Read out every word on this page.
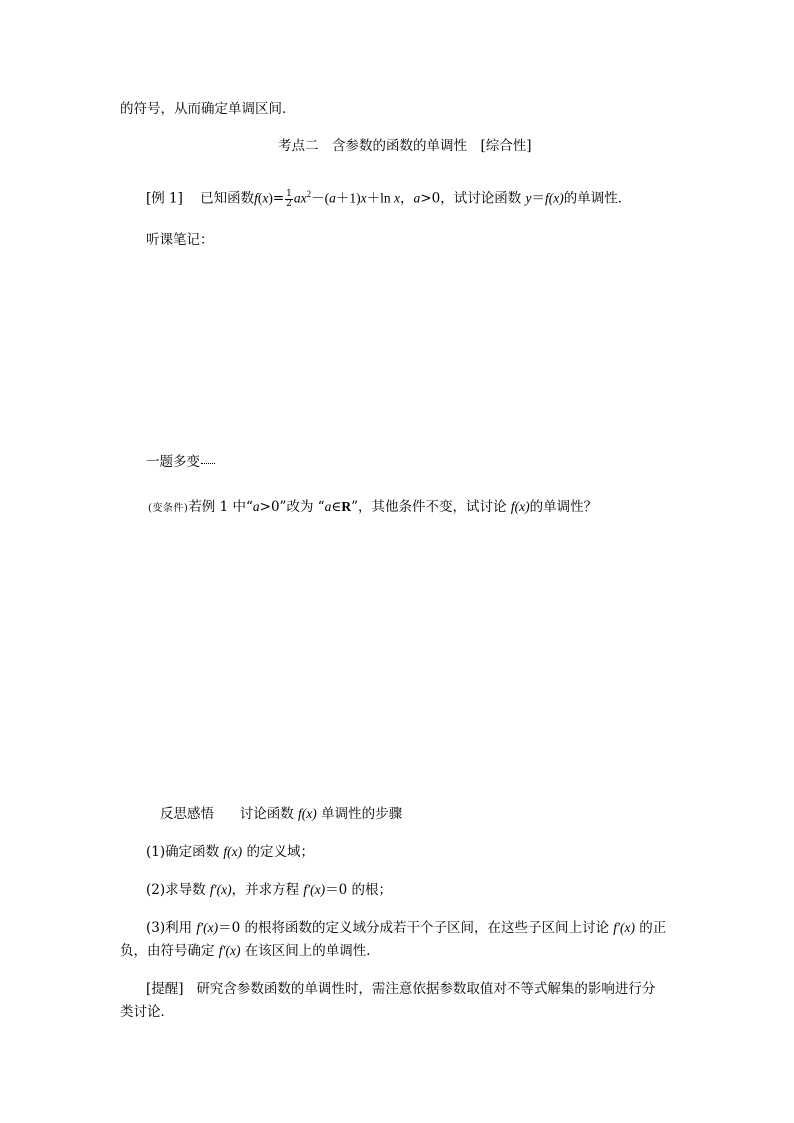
的符号，从而确定单调区间．
考点二　含参数的函数的单调性　[综合性]
[例 1] 已知函数$f(x)= \frac{1}{2} ax^2-(a+1)x+\ln$ x，a>0，试讨论函数 y＝f(x)的单调性．
听课笔记：
一题多变
(变条件)若例 1 中“a>0”改为 “a∈R”，其他条件不变，试讨论 f(x)的单调性？
反思感悟 讨论函数 f(x) 单调性的步骤
(1)确定函数 f(x) 的定义域；
(2)求导数 f′(x)，并求方程 f′(x)＝0 的根；
(3)利用 f′(x)＝0 的根将函数的定义域分成若干个子区间，在这些子区间上讨论 f′(x) 的正
负，由符号确定 f′(x) 在该区间上的单调性．
[提醒] 研究含参数函数的单调性时，需注意依据参数取值对不等式解集的影响进行分
类讨论．
